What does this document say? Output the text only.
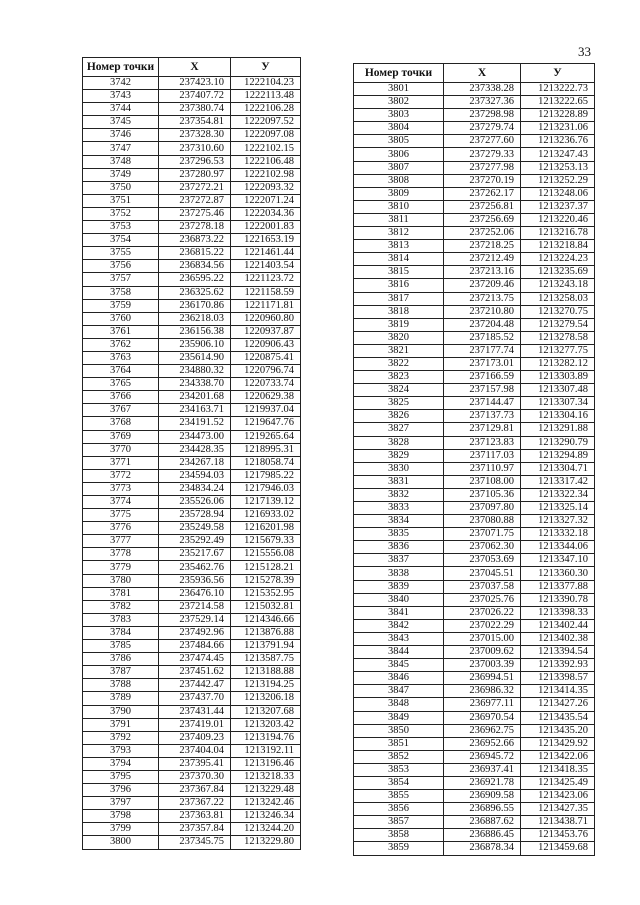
33
Номер точки	X	У
3742	237423.10	1222104.23
3743	237407.72	1222113.48
3744	237380.74	1222106.28
3745	237354.81	1222097.52
3746	237328.30	1222097.08
3747	237310.60	1222102.15
3748	237296.53	1222106.48
3749	237280.97	1222102.98
3750	237272.21	1222093.32
3751	237272.87	1222071.24
3752	237275.46	1222034.36
3753	237278.18	1222001.83
3754	236873.22	1221653.19
3755	236815.22	1221461.44
3756	236834.56	1221403.54
3757	236595.22	1221123.72
3758	236325.62	1221158.59
3759	236170.86	1221171.81
3760	236218.03	1220960.80
3761	236156.38	1220937.87
3762	235906.10	1220906.43
3763	235614.90	1220875.41
3764	234880.32	1220796.74
3765	234338.70	1220733.74
3766	234201.68	1220629.38
3767	234163.71	1219937.04
3768	234191.52	1219647.76
3769	234473.00	1219265.64
3770	234428.35	1218995.31
3771	234267.18	1218058.74
3772	234594.03	1217985.22
3773	234834.24	1217946.03
3774	235526.06	1217139.12
3775	235728.94	1216933.02
3776	235249.58	1216201.98
3777	235292.49	1215679.33
3778	235217.67	1215556.08
3779	235462.76	1215128.21
3780	235936.56	1215278.39
3781	236476.10	1215352.95
3782	237214.58	1215032.81
3783	237529.14	1214346.66
3784	237492.96	1213876.88
3785	237484.66	1213791.94
3786	237474.45	1213587.75
3787	237451.62	1213188.88
3788	237442.47	1213194.25
3789	237437.70	1213206.18
3790	237431.44	1213207.68
3791	237419.01	1213203.42
3792	237409.23	1213194.76
3793	237404.04	1213192.11
3794	237395.41	1213196.46
3795	237370.30	1213218.33
3796	237367.84	1213229.48
3797	237367.22	1213242.46
3798	237363.81	1213246.34
3799	237357.84	1213244.20
3800	237345.75	1213229.80
Номер точки	X	У
3801	237338.28	1213222.73
3802	237327.36	1213222.65
3803	237298.98	1213228.89
3804	237279.74	1213231.06
3805	237277.60	1213236.76
3806	237279.33	1213247.43
3807	237277.98	1213253.13
3808	237270.19	1213252.29
3809	237262.17	1213248.06
3810	237256.81	1213237.37
3811	237256.69	1213220.46
3812	237252.06	1213216.78
3813	237218.25	1213218.84
3814	237212.49	1213224.23
3815	237213.16	1213235.69
3816	237209.46	1213243.18
3817	237213.75	1213258.03
3818	237210.80	1213270.75
3819	237204.48	1213279.54
3820	237185.52	1213278.58
3821	237177.74	1213277.75
3822	237173.01	1213282.12
3823	237166.59	1213303.89
3824	237157.98	1213307.48
3825	237144.47	1213307.34
3826	237137.73	1213304.16
3827	237129.81	1213291.88
3828	237123.83	1213290.79
3829	237117.03	1213294.89
3830	237110.97	1213304.71
3831	237108.00	1213317.42
3832	237105.36	1213322.34
3833	237097.80	1213325.14
3834	237080.88	1213327.32
3835	237071.75	1213332.18
3836	237062.30	1213344.06
3837	237053.69	1213347.10
3838	237045.51	1213360.30
3839	237037.58	1213377.88
3840	237025.76	1213390.78
3841	237026.22	1213398.33
3842	237022.29	1213402.44
3843	237015.00	1213402.38
3844	237009.62	1213394.54
3845	237003.39	1213392.93
3846	236994.51	1213398.57
3847	236986.32	1213414.35
3848	236977.11	1213427.26
3849	236970.54	1213435.54
3850	236962.75	1213435.20
3851	236952.66	1213429.92
3852	236945.72	1213422.06
3853	236937.41	1213418.35
3854	236921.78	1213425.49
3855	236909.58	1213423.06
3856	236896.55	1213427.35
3857	236887.62	1213438.71
3858	236886.45	1213453.76
3859	236878.34	1213459.68
